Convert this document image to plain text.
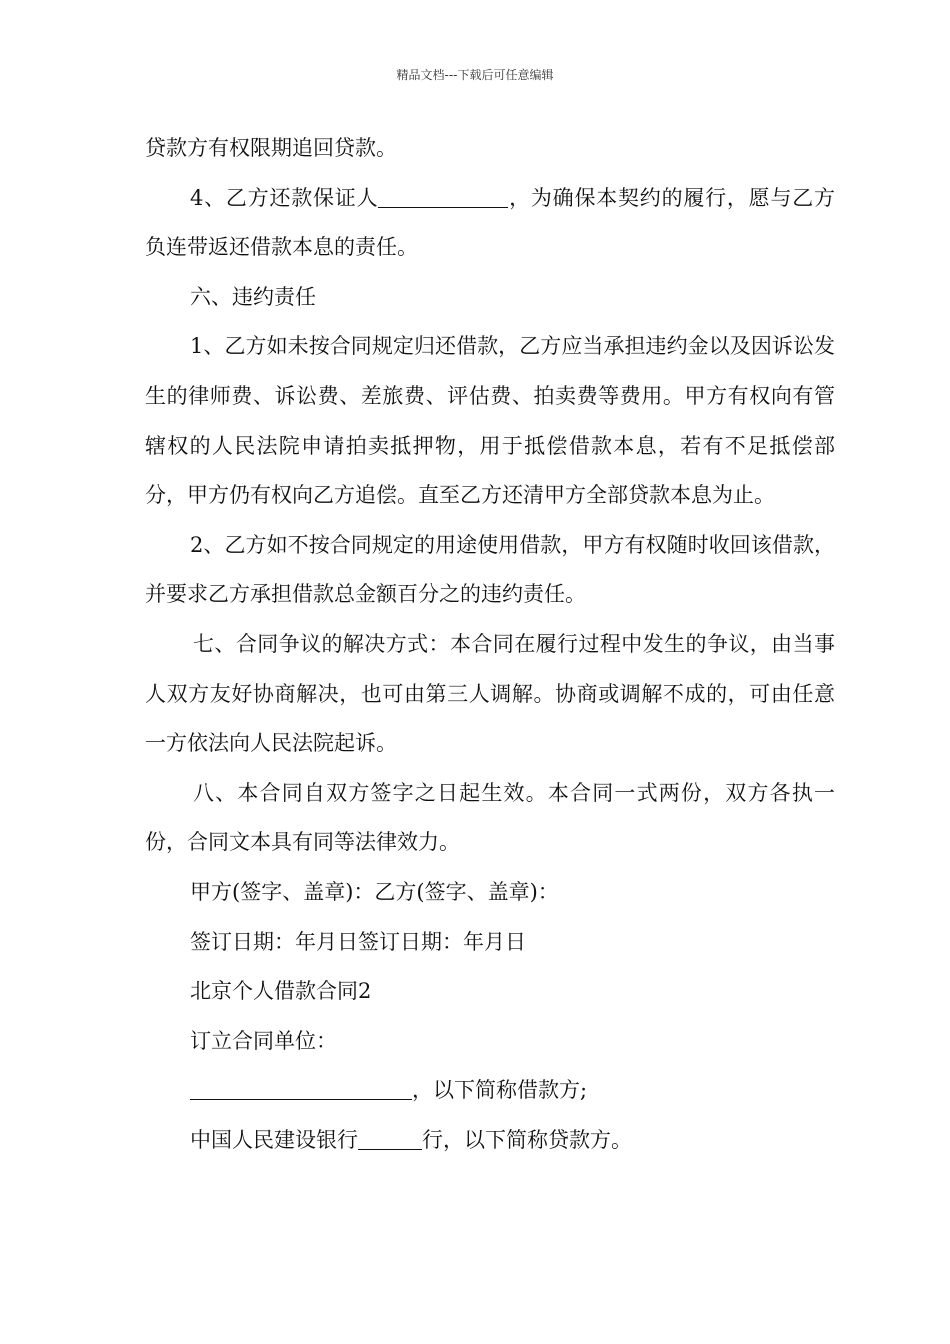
精品文档---下载后可任意编辑

贷款方有权限期追回贷款。

4、乙方还款保证人	，为确保本契约的履行，愿与乙方负连带返还借款本息的责任。

六、违约责任

1、乙方如未按合同规定归还借款，乙方应当承担违约金以及因诉讼发生的律师费、诉讼费、差旅费、评估费、拍卖费等费用。甲方有权向有管辖权的人民法院申请拍卖抵押物，用于抵偿借款本息，若有不足抵偿部分，甲方仍有权向乙方追偿。直至乙方还清甲方全部贷款本息为止。

2、乙方如不按合同规定的用途使用借款，甲方有权随时收回该借款，并要求乙方承担借款总金额百分之的违约责任。

七、合同争议的解决方式：本合同在履行过程中发生的争议，由当事人双方友好协商解决，也可由第三人调解。协商或调解不成的，可由任意一方依法向人民法院起诉。

八、本合同自双方签字之日起生效。本合同一式两份，双方各执一份，合同文本具有同等法律效力。

甲方(签字、盖章)：乙方(签字、盖章)：

签订日期：年月日签订日期：年月日

北京个人借款合同2

订立合同单位：

，以下简称借款方;

中国人民建设银行	行，以下简称贷款方。
